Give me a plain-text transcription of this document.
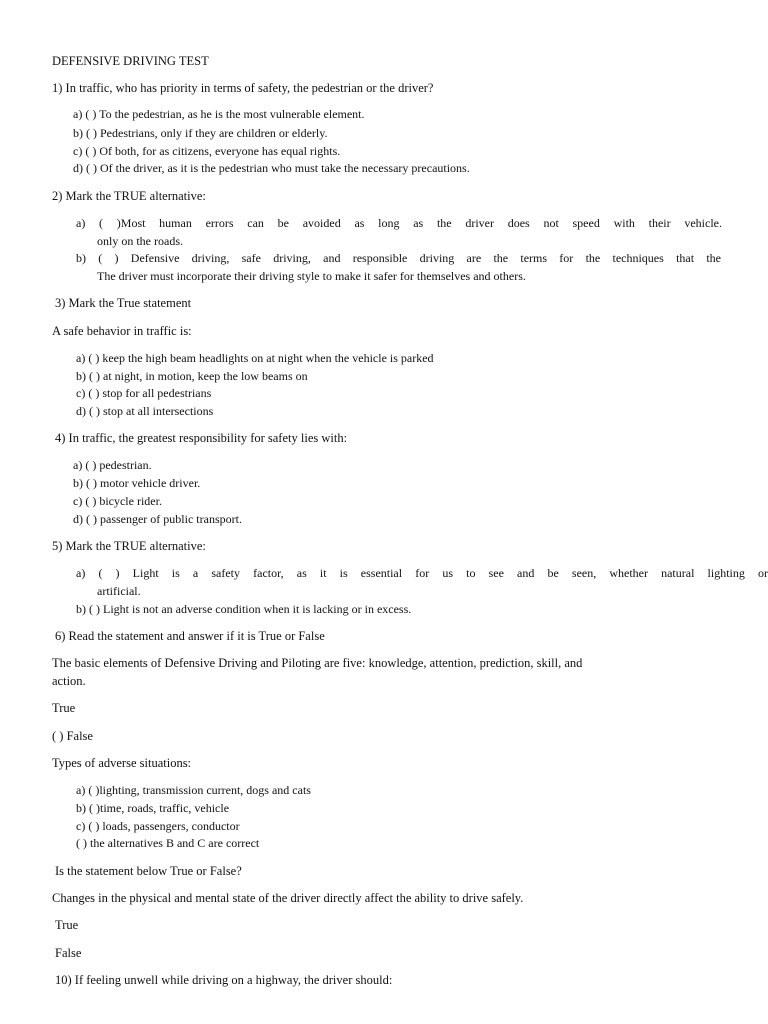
DEFENSIVE DRIVING TEST
1) In traffic, who has priority in terms of safety, the pedestrian or the driver?
a) ( ) To the pedestrian, as he is the most vulnerable element.
b) ( ) Pedestrians, only if they are children or elderly.
c) ( ) Of both, for as citizens, everyone has equal rights.
d) ( ) Of the driver, as it is the pedestrian who must take the necessary precautions.
2) Mark the TRUE alternative:
a) ( )Most human errors can be avoided as long as the driver does not speed with their vehicle.
only on the roads.
b) ( ) Defensive driving, safe driving, and responsible driving are the terms for the techniques that the
The driver must incorporate their driving style to make it safer for themselves and others.
3) Mark the True statement
A safe behavior in traffic is:
a) ( ) keep the high beam headlights on at night when the vehicle is parked
b) ( ) at night, in motion, keep the low beams on
c) ( ) stop for all pedestrians
d) ( ) stop at all intersections
4) In traffic, the greatest responsibility for safety lies with:
a) ( ) pedestrian.
b) ( ) motor vehicle driver.
c) ( ) bicycle rider.
d) ( ) passenger of public transport.
5) Mark the TRUE alternative:
a) ( ) Light is a safety factor, as it is essential for us to see and be seen, whether natural lighting or
artificial.
b) ( ) Light is not an adverse condition when it is lacking or in excess.
6) Read the statement and answer if it is True or False
The basic elements of Defensive Driving and Piloting are five: knowledge, attention, prediction, skill, and
action.
True
( ) False
Types of adverse situations:
a) ( )lighting, transmission current, dogs and cats
b) ( )time, roads, traffic, vehicle
c) ( ) loads, passengers, conductor
( ) the alternatives B and C are correct
Is the statement below True or False?
Changes in the physical and mental state of the driver directly affect the ability to drive safely.
True
False
10) If feeling unwell while driving on a highway, the driver should:
